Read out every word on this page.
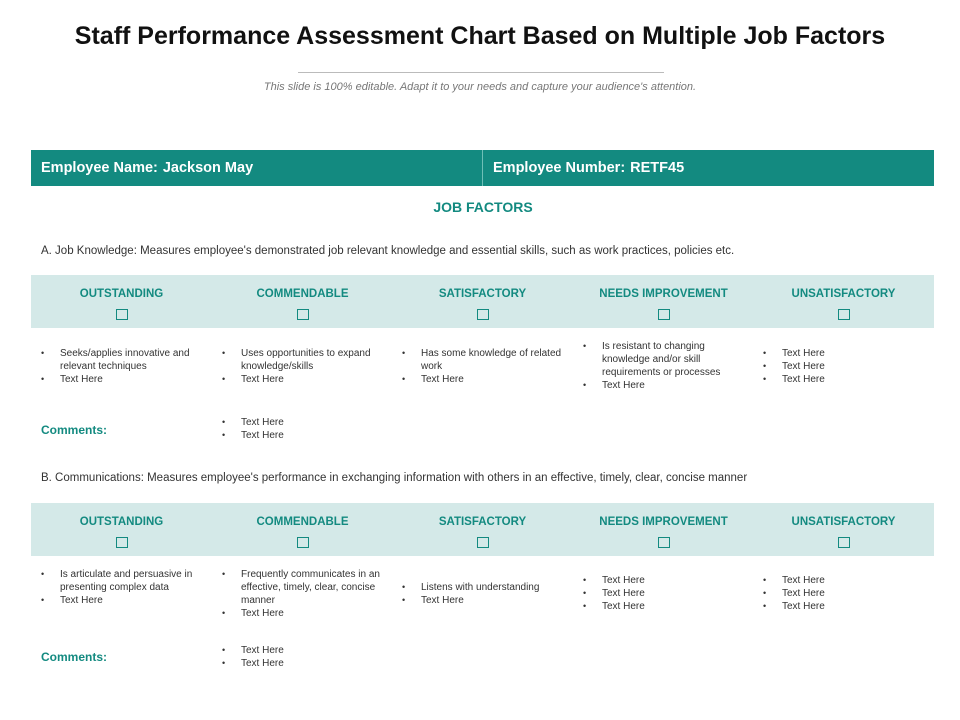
Staff Performance Assessment Chart Based on Multiple Job Factors
This slide is 100% editable. Adapt it to your needs and capture your audience's attention.
Employee Name: Jackson May	Employee Number: RETF45
JOB FACTORS
A. Job Knowledge: Measures employee's demonstrated job relevant knowledge and essential skills, such as work practices, policies etc.
OUTSTANDING	COMMENDABLE	SATISFACTORY	NEEDS IMPROVEMENT	UNSATISFACTORY
• Seeks/applies innovative and relevant techniques
• Text Here
• Uses opportunities to expand knowledge/skills
• Text Here
• Has some knowledge of related work
• Text Here
• Is resistant to changing knowledge and/or skill requirements or processes
• Text Here
• Text Here
• Text Here
• Text Here
Comments:
• Text Here
• Text Here
B. Communications: Measures employee's performance in exchanging information with others in an effective, timely, clear, concise manner
OUTSTANDING	COMMENDABLE	SATISFACTORY	NEEDS IMPROVEMENT	UNSATISFACTORY
• Is articulate and persuasive in presenting complex data
• Text Here
• Frequently communicates in an effective, timely, clear, concise manner
• Text Here
• Listens with understanding
• Text Here
• Text Here
• Text Here
• Text Here
• Text Here
• Text Here
• Text Here
Comments:
•	Text Here
• Text Here
